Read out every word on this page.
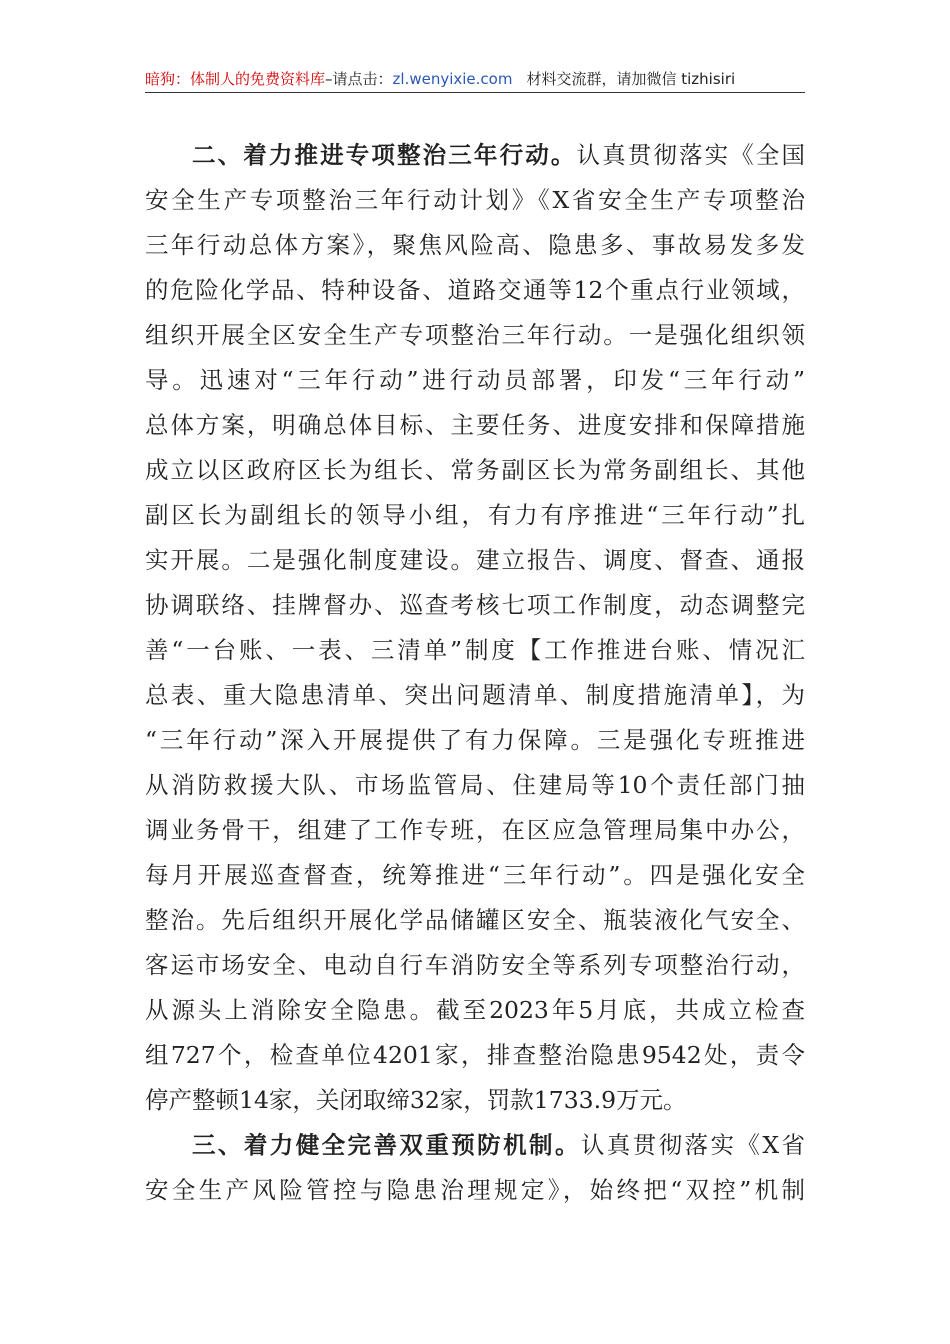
暗狗：体制人的免费资料库–请点击：zl.wenyixie.com 材料交流群，请加微信 tizhisiri
二、着力推进专项整治三年行动。认真贯彻落实《全国
安全生产专项整治三年行动计划》《X省安全生产专项整治
三年行动总体方案》，聚焦风险高、隐患多、事故易发多发
的危险化学品、特种设备、道路交通等12个重点行业领域，
组织开展全区安全生产专项整治三年行动。一是强化组织领
导。迅速对“三年行动”进行动员部署，印发“三年行动”
总体方案，明确总体目标、主要任务、进度安排和保障措施
成立以区政府区长为组长、常务副区长为常务副组长、其他
副区长为副组长的领导小组，有力有序推进“三年行动”扎
实开展。二是强化制度建设。建立报告、调度、督查、通报
协调联络、挂牌督办、巡查考核七项工作制度，动态调整完
善“一台账、一表、三清单”制度【工作推进台账、情况汇
总表、重大隐患清单、突出问题清单、制度措施清单】，为
“三年行动”深入开展提供了有力保障。三是强化专班推进
从消防救援大队、市场监管局、住建局等10个责任部门抽
调业务骨干，组建了工作专班，在区应急管理局集中办公，
每月开展巡查督查，统筹推进“三年行动”。四是强化安全
整治。先后组织开展化学品储罐区安全、瓶装液化气安全、
客运市场安全、电动自行车消防安全等系列专项整治行动，
从源头上消除安全隐患。截至2023年5月底，共成立检查
组727个，检查单位4201家，排查整治隐患9542处，责令
停产整顿14家，关闭取缔32家，罚款1733.9万元。
三、着力健全完善双重预防机制。认真贯彻落实《X省
安全生产风险管控与隐患治理规定》，始终把“双控”机制
